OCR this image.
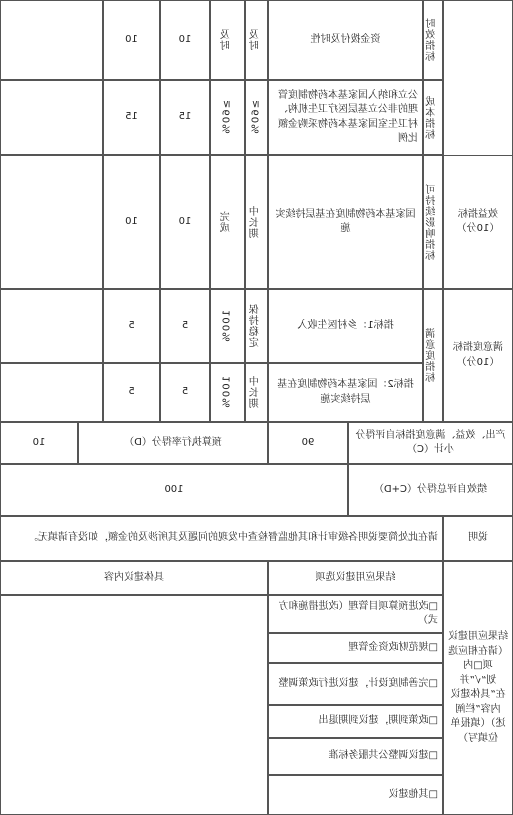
时效指标
资金拨付及时性
及时
及时
10
10
成本指标
公立和纳入国家基本药物制度管理的非公立基层医疗卫生机构、村卫生室国家基本药物采购金额比例
≥60%
≥60%
15
15
效益指标（10分）
可持续影响指标
国家基本药物制度在基层持续实施
中长期
完成
10
10
满意度指标（10分）
满意度指标
指标1：乡村医生收入
保持稳定
100%
5
5
指标2：国家基本药物制度在基层持续实施
中长期
100%
5
5
产出、效益、满意度指标自评得分小计（C）
90
预算执行率得分（D）
10
绩效自评总得分（C+D）
100
说明
请在此处简要说明各级审计和其他监督检查中发现的问题及其所涉及的金额，如没有请填无。
结果应用建议（请在相应选项□内划“√”并在“具体建议内容”栏阐述）（填报单位填写）
结果应用建议选项
具体建议内容
□改进预算项目管理（改进措施和方式）
□规范财政资金管理
□完善制度设计，建议进行政策调整
□政策到期，建议到期退出
□建议调整公共服务标准
□其他建议
